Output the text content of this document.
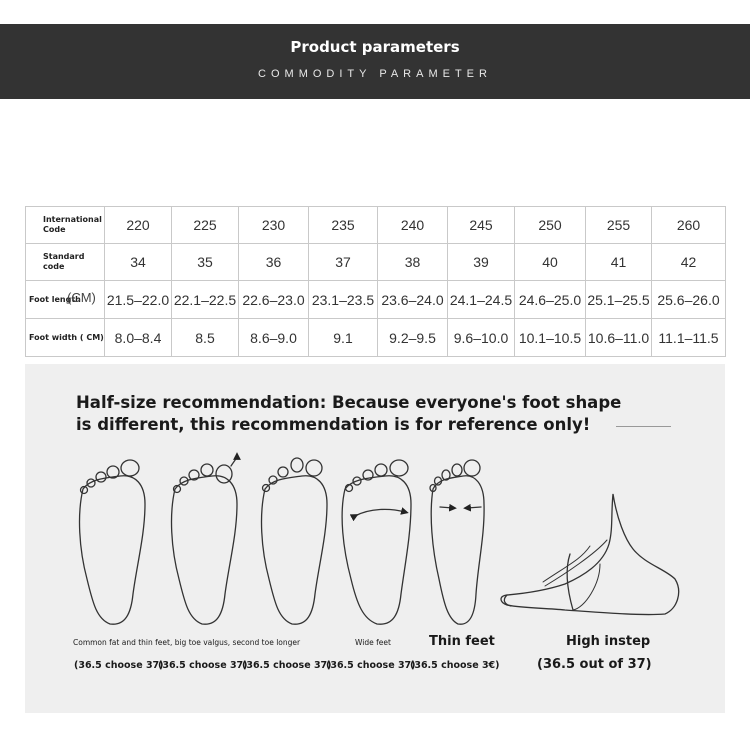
Product parameters
COMMODITY PARAMETER
International Code	220	225	230	235	240	245	250	255	260
Standard code	34	35	36	37	38	39	40	41	42
Foot length
(CM)	21.5–22.0	22.1–22.5	22.6–23.0	23.1–23.5	23.6–24.0	24.1–24.5	24.6–25.0	25.1–25.5	25.6–26.0
Foot width ( CM)	8.0–8.4	8.5	8.6–9.0	9.1	9.2–9.5	9.6–10.0	10.1–10.5	10.6–11.0	11.1–11.5
Half-size recommendation: Because everyone's foot shape is different, this recommendation is for reference only!
Common fat and thin feet, big toe valgus, second toe longer	Wide feet	Thin feet	High instep
(36.5 choose 37)
(36.5 choose 37)
(36.5 choose 37)
(36.5 choose 37)
(36.5 choose 3€)	(36.5 out of 37)
